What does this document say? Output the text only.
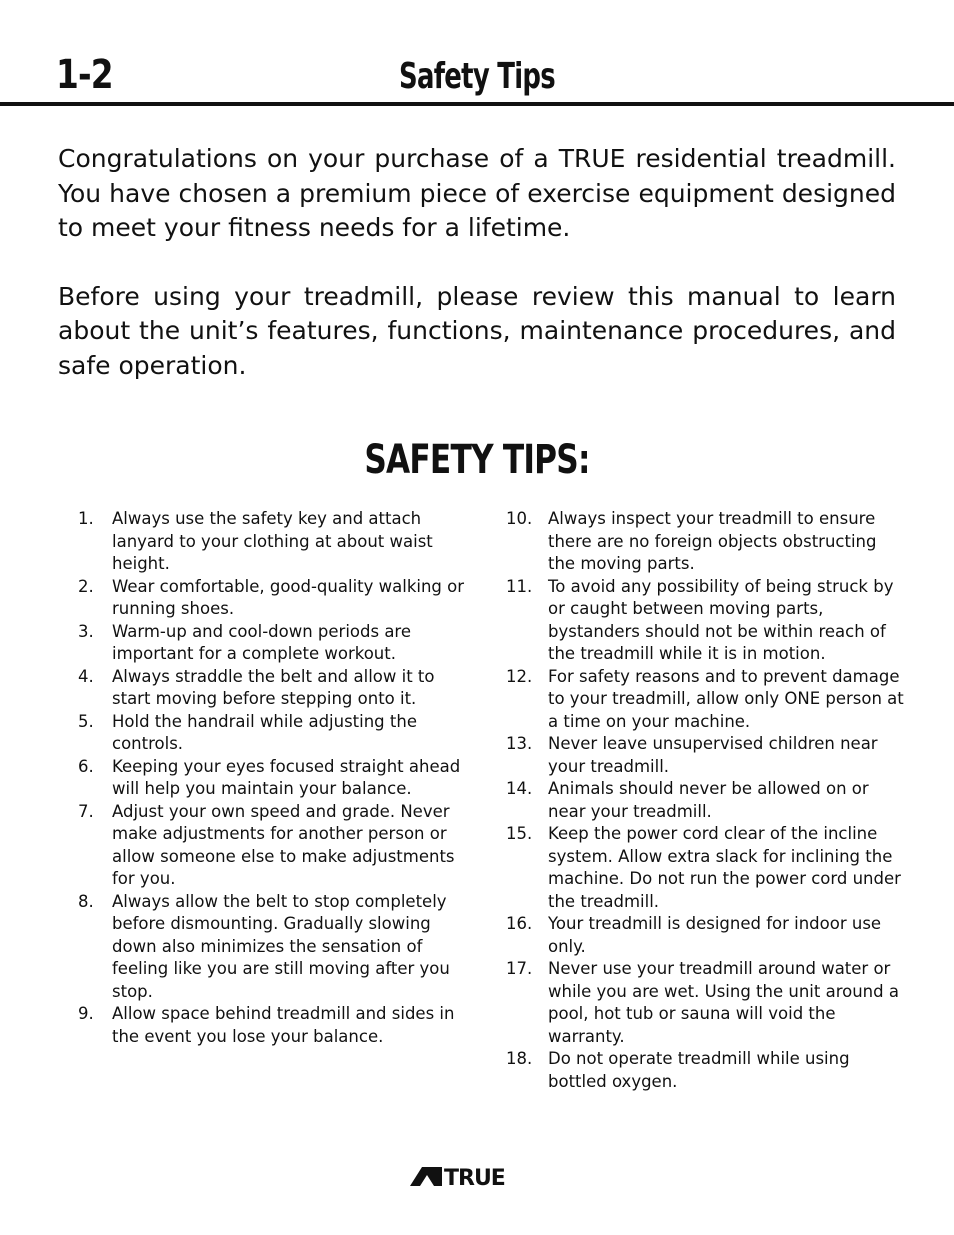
1-2	Safety Tips

Congratulations on your purchase of a TRUE residential treadmill. You have chosen a premium piece of exercise equipment designed to meet your fitness needs for a lifetime.

Before using your treadmill, please review this manual to learn about the unit’s features, functions, maintenance procedures, and safe operation.

SAFETY TIPS:
1. Always use the safety key and attach lanyard to your clothing at about waist height.
2. Wear comfortable, good-quality walking or running shoes.
3. Warm-up and cool-down periods are important for a complete workout.
4. Always straddle the belt and allow it to start moving before stepping onto it.
5. Hold the handrail while adjusting the controls.
6. Keeping your eyes focused straight ahead will help you maintain your balance.
7. Adjust your own speed and grade. Never make adjustments for another person or allow someone else to make adjustments for you.
8. Always allow the belt to stop completely before dismounting. Gradually slowing down also minimizes the sensation of feeling like you are still moving after you stop.
9. Allow space behind treadmill and sides in the event you lose your balance.
10. Always inspect your treadmill to ensure there are no foreign objects obstructing the moving parts.
11. To avoid any possibility of being struck by or caught between moving parts, bystanders should not be within reach of the treadmill while it is in motion.
12. For safety reasons and to prevent damage to your treadmill, allow only ONE person at a time on your machine.
13. Never leave unsupervised children near your treadmill.
14. Animals should never be allowed on or near your treadmill.
15. Keep the power cord clear of the incline system. Allow extra slack for inclining the machine. Do not run the power cord under the treadmill.
16. Your treadmill is designed for indoor use only.
17. Never use your treadmill around water or while you are wet. Using the unit around a pool, hot tub or sauna will void the warranty.
18. Do not operate treadmill while using bottled oxygen.
TRUE
